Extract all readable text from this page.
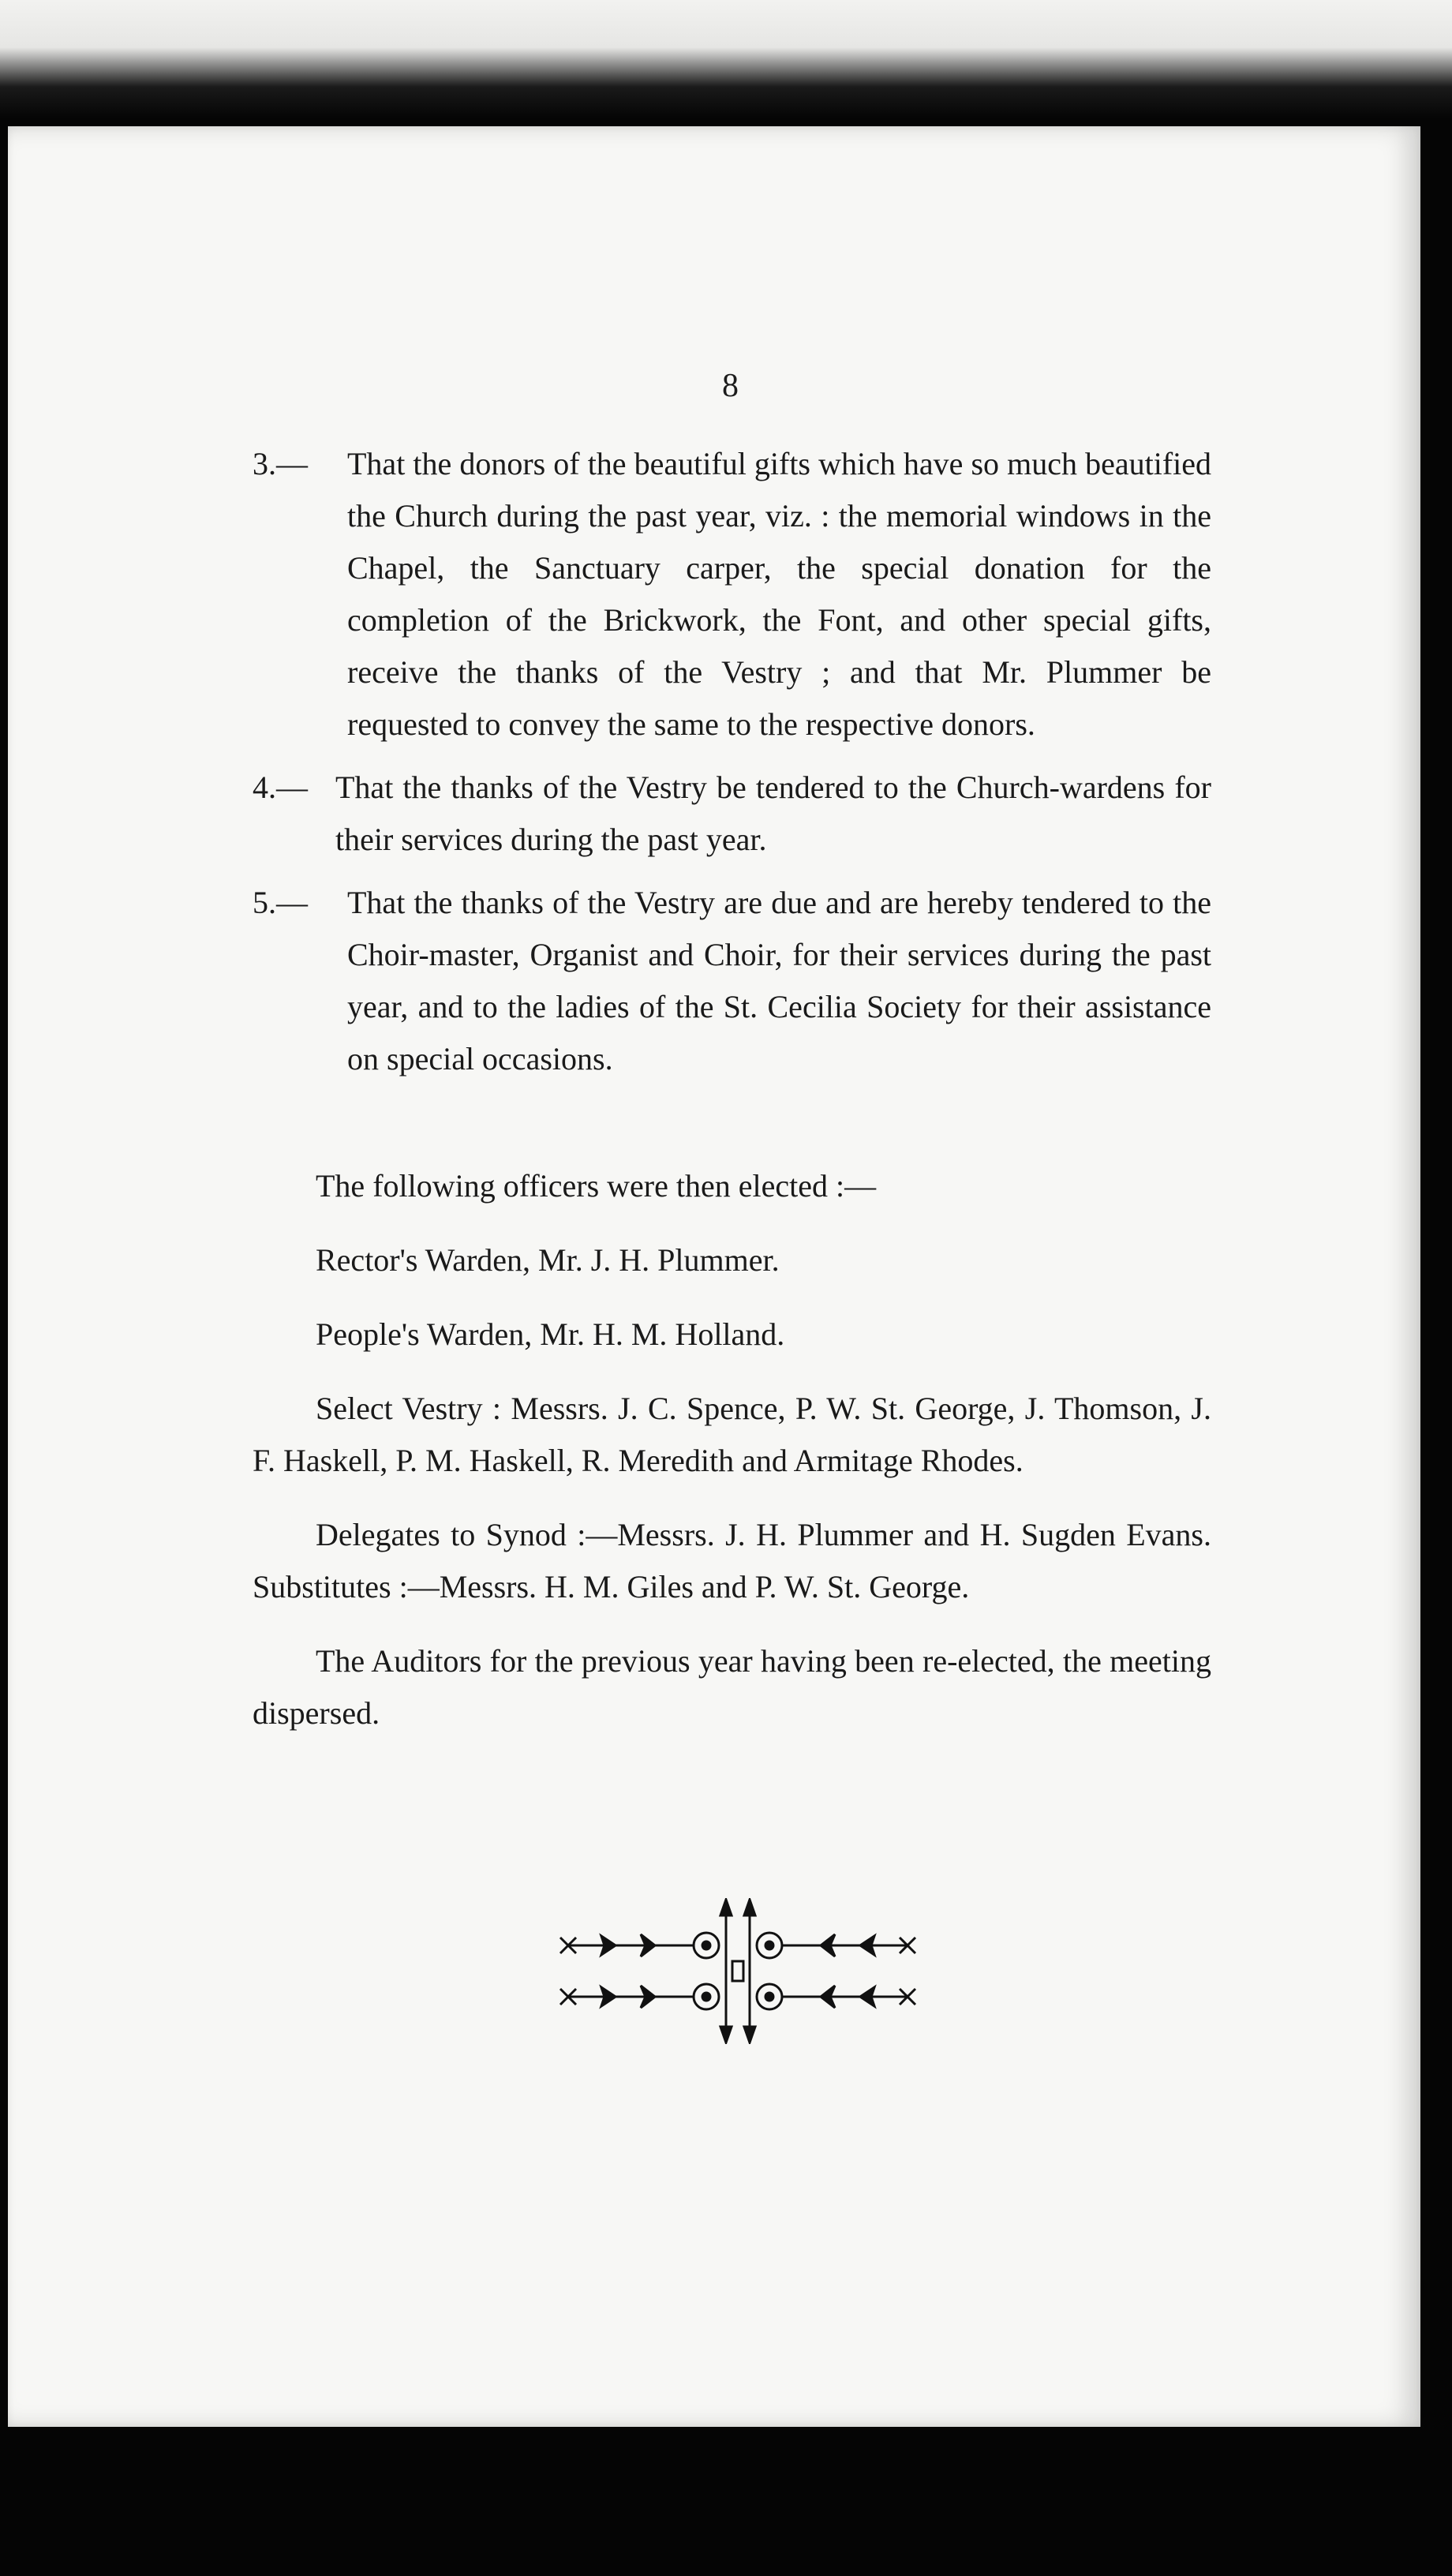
8
3.— That the donors of the beautiful gifts which have so much beautified the Church during the past year, viz. : the memorial windows in the Chapel, the Sanctuary carper, the special donation for the completion of the Brickwork, the Font, and other special gifts, receive the thanks of the Vestry ; and that Mr. Plummer be requested to convey the same to the respective donors.
4.— That the thanks of the Vestry be tendered to the Church-wardens for their services during the past year.
5.— That the thanks of the Vestry are due and are hereby tendered to the Choir-master, Organist and Choir, for their services during the past year, and to the ladies of the St. Cecilia Society for their assistance on special occasions.

The following officers were then elected :—

Rector's Warden, Mr. J. H. Plummer.

People's Warden, Mr. H. M. Holland.

Select Vestry : Messrs. J. C. Spence, P. W. St. George, J. Thomson, J. F. Haskell, P. M. Haskell, R. Meredith and Armitage Rhodes.

Delegates to Synod :—Messrs. J. H. Plummer and H. Sugden Evans. Substitutes :—Messrs. H. M. Giles and P. W. St. George.

The Auditors for the previous year having been re-elected, the meeting dispersed.
